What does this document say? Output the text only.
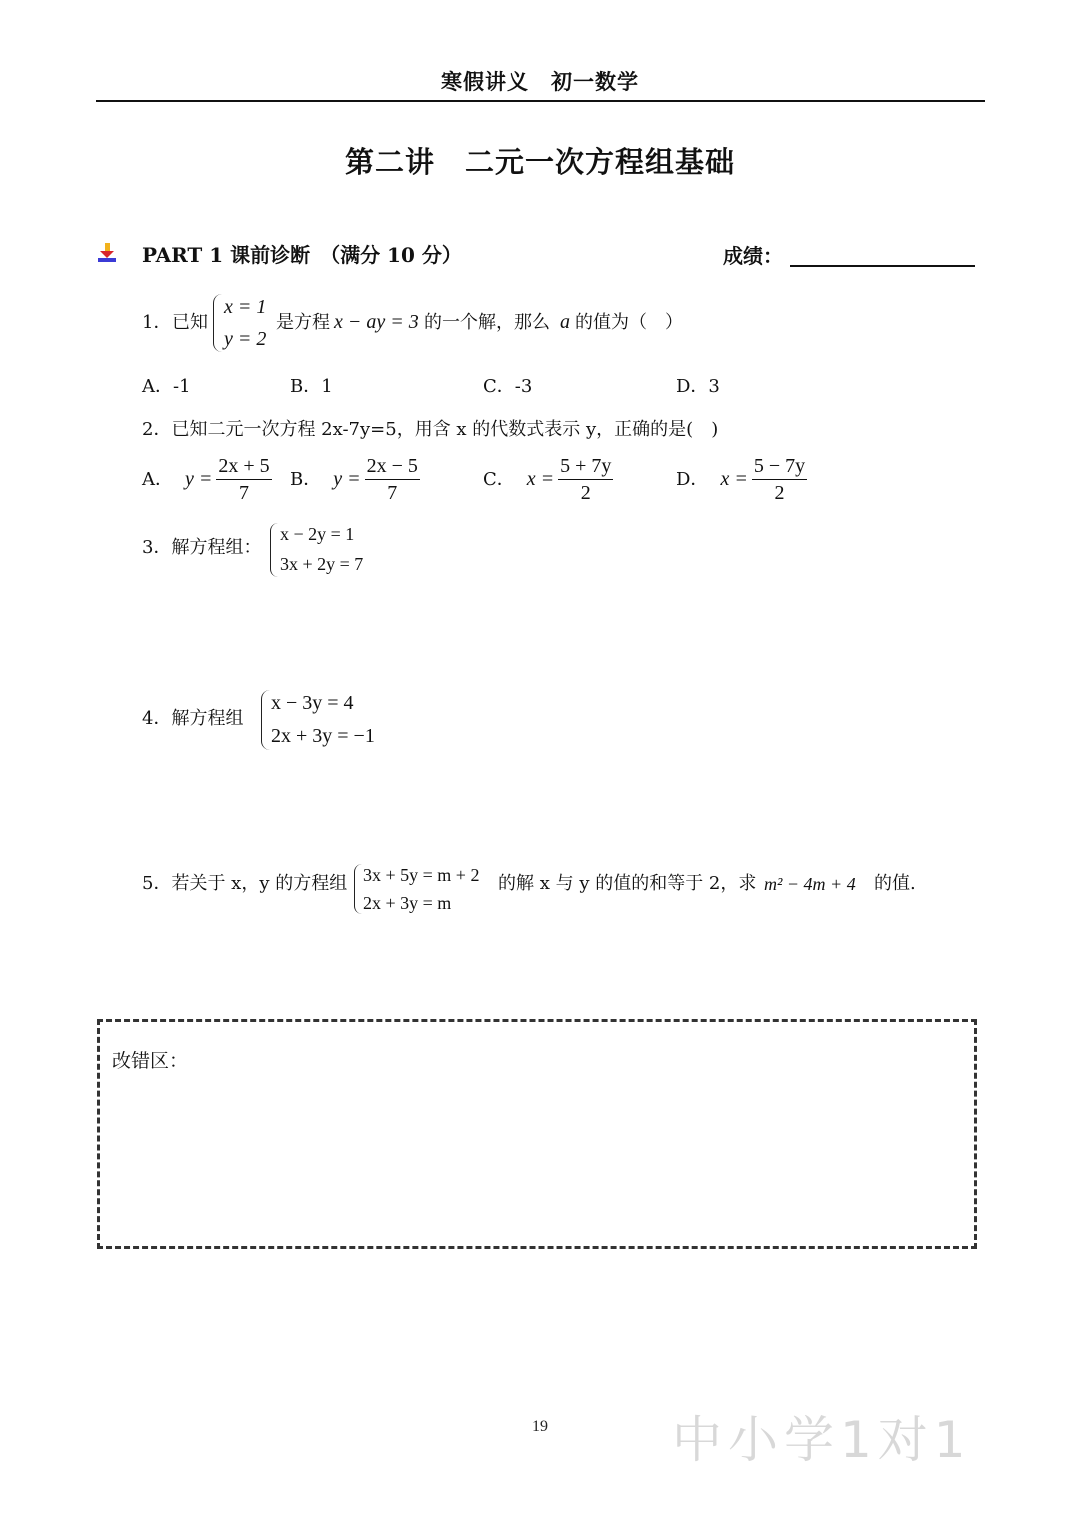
寒假讲义　初一数学
第二讲　二元一次方程组基础
PART 1 课前诊断　（满分 10 分）	成绩：
1． 已知
x = 1
y = 2
是方程 x − ay = 3 的一个解，那么 a 的值为（　）
A．-1	B．1	C．-3	D．3
2．已知二元一次方程 2x-7y=5，用含 x 的代数式表示 y，正确的是(　)
A． $y = \frac{2x + 5}{7}$ B． $y = \frac{2x - 5}{7}$	C． $x = \frac{5 + 7y}{2}$	D． $x = \frac{5 - 7y}{2}$
3．解方程组：
x − 2y = 1
3x + 2y = 7
4．解方程组
x − 3y = 4
2x + 3y = −1
5．若关于 x，y 的方程组 3x + 5y = m + 2
2x + 3y = m
的解 x 与 y 的值的和等于 2，求 m² − 4m + 4 的值.
改错区：
19	中小学1对1
